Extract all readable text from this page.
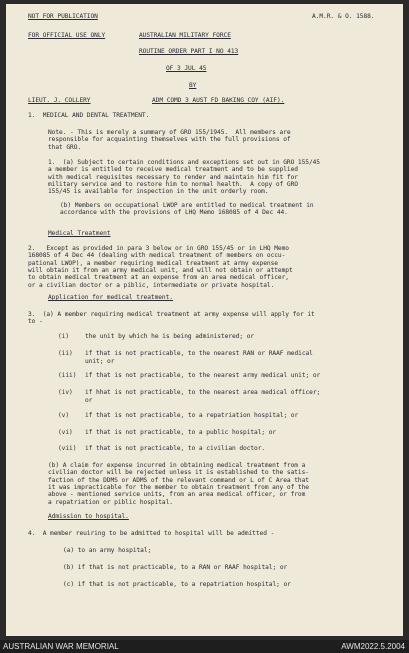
NOT FOR PUBLICATION	A.M.R. & O. 1588.
FOR OFFICIAL USE ONLY	AUSTRALIAN MILITARY FORCE
ROUTINE ORDER PART I NO 413
OF 3 JUL 45
BY
LIEUT. J. COLLERY	ADM COMD 3 AUST FD BAKING COY (AIF).
1.  MEDICAL AND DENTAL TREATMENT.
Note. - This is merely a summary of GRO 155/1945.  All members are
responsible for acquainting themselves with the full provisions of
that GRO.
1.  (a) Subject to certain conditions and exceptions set out in GRO 155/45
a member is entitled to receive medical treatment and to be supplied
with medical requisites necessary to render and maintain him fit for
military service and to restore him to normal health.  A copy of GRO
155/45 is available for inspection in the unit orderly room.
(b) Members on occupational LWOP are entitled to medical treatment in
accordance with the provisions of LHQ Memo 168085 of 4 Dec 44.
Medical Treatment
2.   Except as provided in para 3 below or in GRO 155/45 or in LHQ Memo
168085 of 4 Dec 44 (dealing with medical treatment of members on occu-
pational LWOP), a member requiring medical treatment at army expense
will obtain it from an army medical unit, and will not obtain or attempt
to obtain medical treatment at an expense from an area medical officer,
or a civilian doctor or a piblic, intermediate or private hospital.
Application for medical treatment.
3.  (a) A member requiring medical treatment at army expense will apply for it
to -
(i)	the unit by which he is being administered; or
(ii) if that is not practicable, to the nearest RAN or RAAF medical
unit; or
(iii) if that is not practicable, to the nearest army medical unit; or
(iv) if hhat is not practicable, to the nearest area medical officer;
or
(v)	if that is not practicable, to a repatriation hospital; or
(vi) if that is not practicable, to a public hospital; or
(vii) if that is not practicable, to a civilian doctor.
(b) A claim for expense incurred in obtaining medical treatment from a
civilian doctor will be rejected unless it is established to the satis-
faction of the DDMS or ADMS of the relevant command or L of C Area that
it was impracticable for the member to obtain treatment from any of the
above - mentioned service units, from an area medical officer, or from
a repatriation or piblic hospital.
Admission to hospital.
4.  A member reuiring to be admitted to hospital will be admitted -
(a) to an army hospital;
(b) if that is not practicable, to a RAN or RAAF hospital; or
(c) if that is not practicable, to a repatriation hospital; or
AUSTRALIAN WAR MEMORIAL	AWM2022.5.2004
